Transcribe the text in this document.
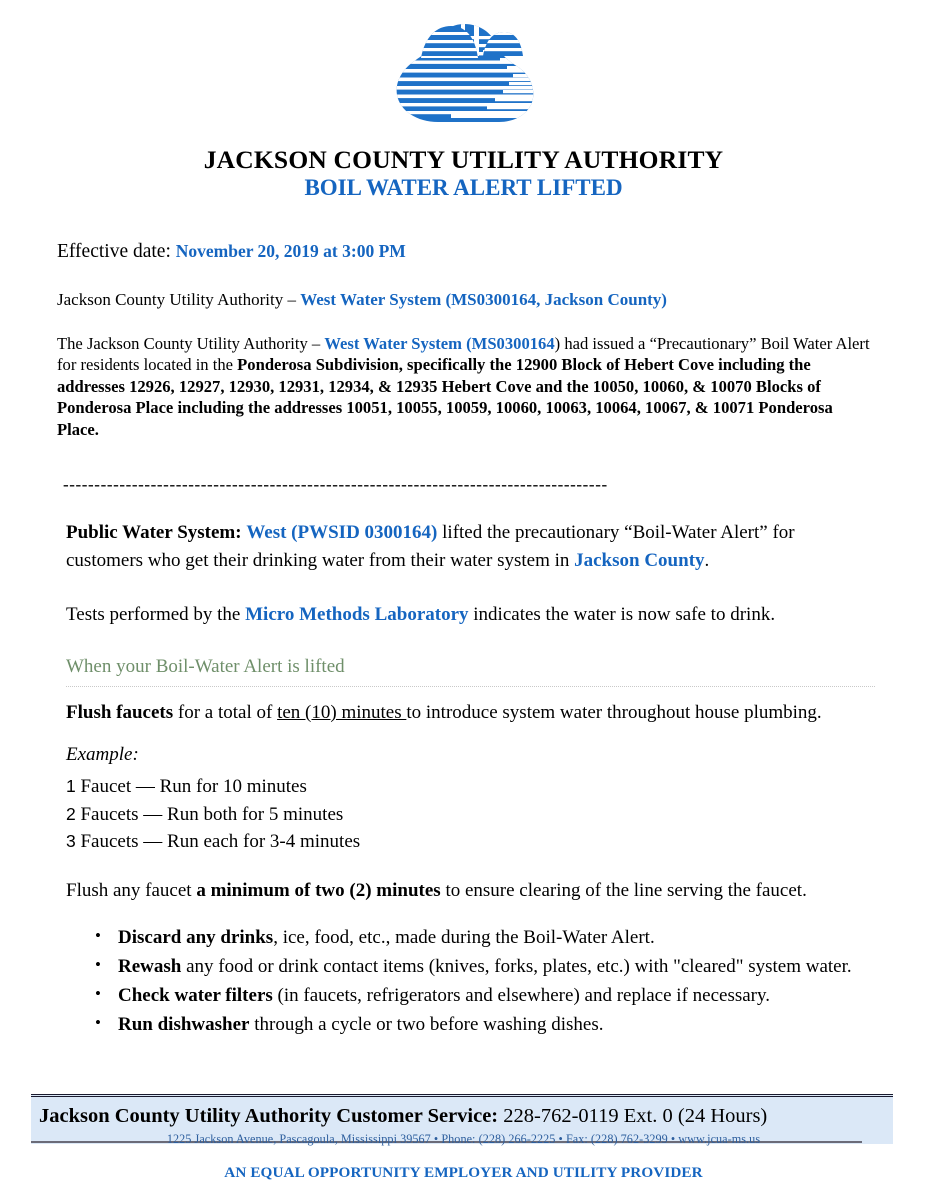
JACKSON COUNTY UTILITY AUTHORITY
BOIL WATER ALERT LIFTED

Effective date: November 20, 2019 at 3:00 PM

Jackson County Utility Authority – West Water System (MS0300164, Jackson County)

The Jackson County Utility Authority – West Water System (MS0300164) had issued a “Precautionary” Boil Water Alert for residents located in the Ponderosa Subdivision, specifically the 12900 Block of Hebert Cove including the addresses 12926, 12927, 12930, 12931, 12934, & 12935 Hebert Cove and the 10050, 10060, & 10070 Blocks of Ponderosa Place including the addresses 10051, 10055, 10059, 10060, 10063, 10064, 10067, & 10071 Ponderosa Place.

---------------------------------------------------------------------------------------

Public Water System: West (PWSID 0300164) lifted the precautionary “Boil-Water Alert” for customers who get their drinking water from their water system in Jackson County.

Tests performed by the Micro Methods Laboratory indicates the water is now safe to drink.

When your Boil-Water Alert is lifted

Flush faucets for a total of ten (10) minutes to introduce system water throughout house plumbing.

Example:
1 Faucet — Run for 10 minutes
2 Faucets — Run both for 5 minutes
3 Faucets — Run each for 3-4 minutes

Flush any faucet a minimum of two (2) minutes to ensure clearing of the line serving the faucet.

• Discard any drinks, ice, food, etc., made during the Boil-Water Alert.
• Rewash any food or drink contact items (knives, forks, plates, etc.) with "cleared" system water.
• Check water filters (in faucets, refrigerators and elsewhere) and replace if necessary.
• Run dishwasher through a cycle or two before washing dishes.
Jackson County Utility Authority Customer Service: 228-762-0119 Ext. 0 (24 Hours)
1225 Jackson Avenue, Pascagoula, Mississippi 39567 • Phone: (228) 266-2225 • Fax: (228) 762-3299 • www.jcua-ms.us
AN EQUAL OPPORTUNITY EMPLOYER AND UTILITY PROVIDER
